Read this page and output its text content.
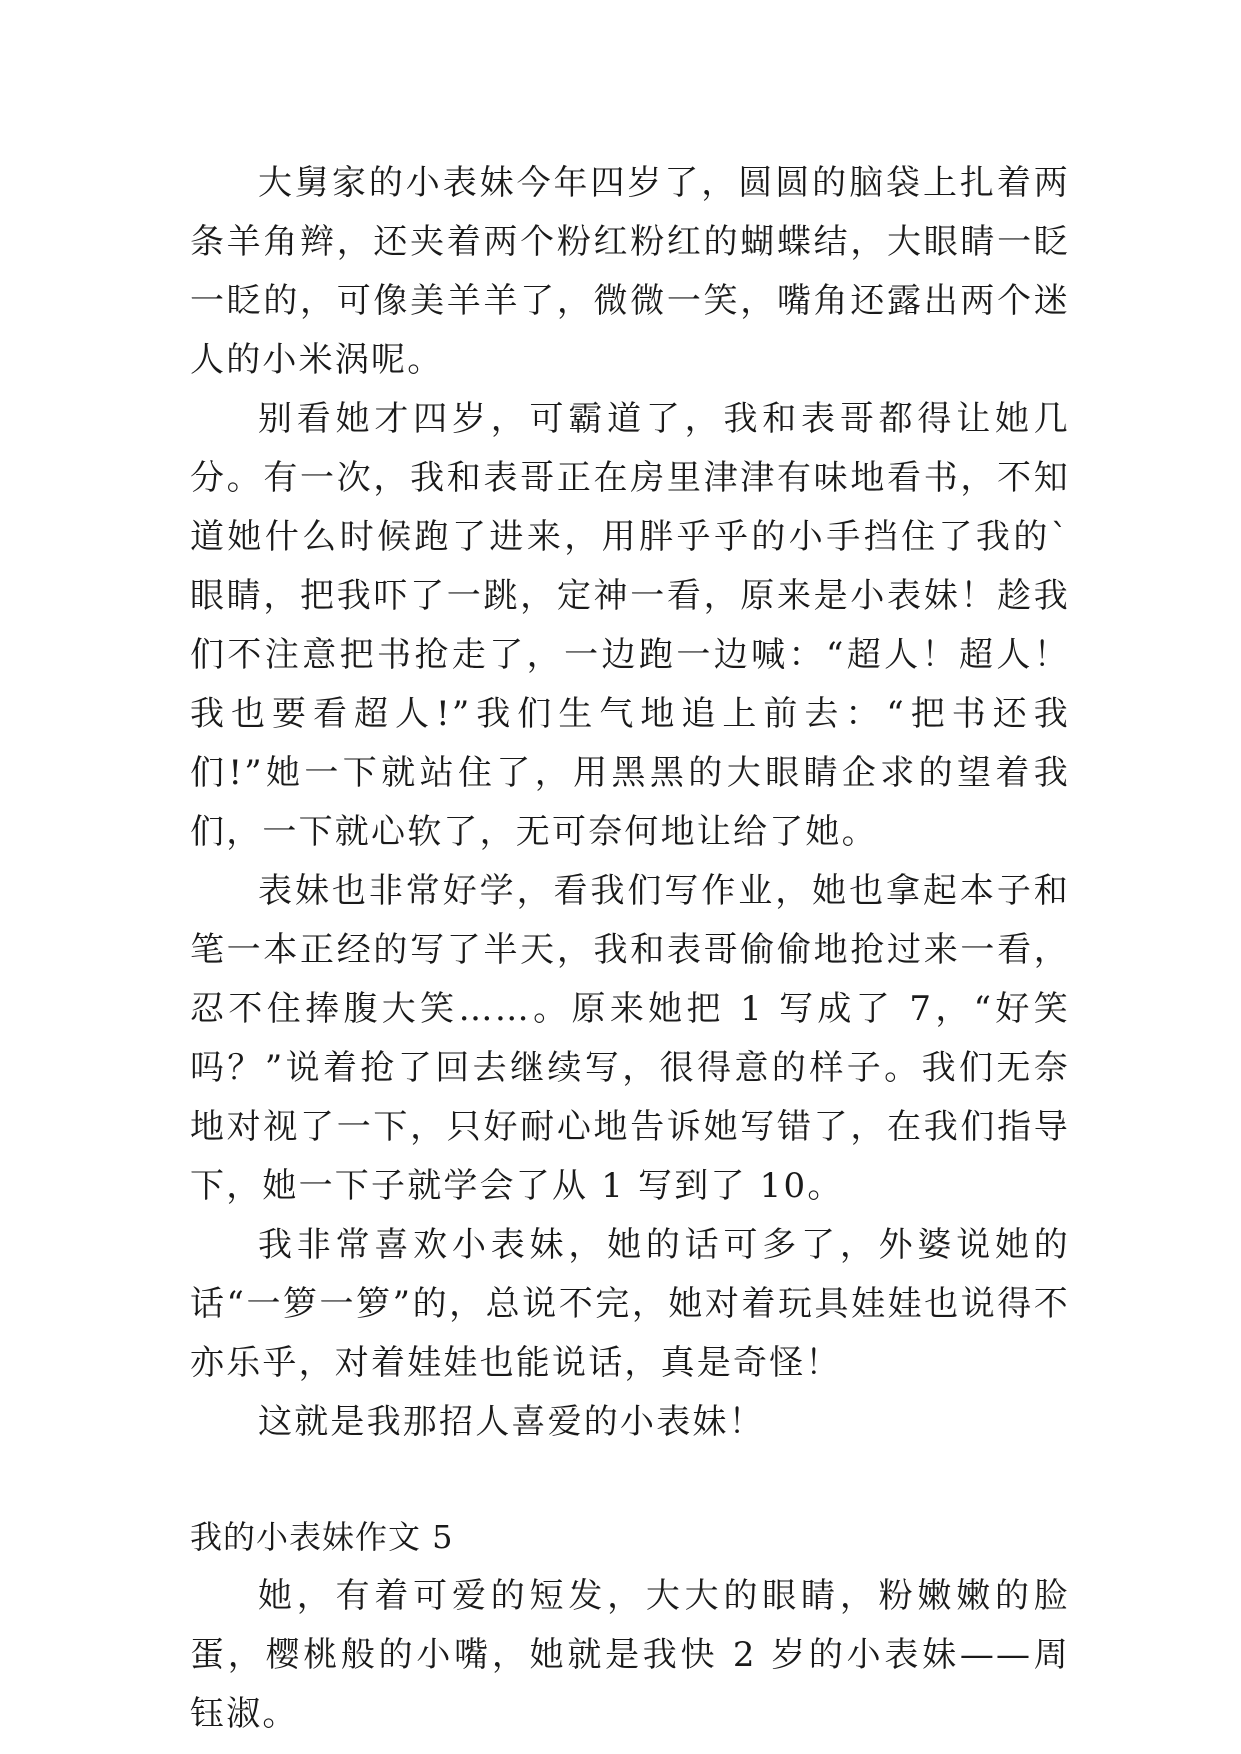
大舅家的小表妹今年四岁了，圆圆的脑袋上扎着两条羊角辫，还夹着两个粉红粉红的蝴蝶结，大眼睛一眨一眨的，可像美羊羊了，微微一笑，嘴角还露出两个迷人的小米涡呢。

别看她才四岁，可霸道了，我和表哥都得让她几分。有一次，我和表哥正在房里津津有味地看书，不知道她什么时候跑了进来，用胖乎乎的小手挡住了我的`眼睛，把我吓了一跳，定神一看，原来是小表妹！趁我们不注意把书抢走了，一边跑一边喊：“超人！超人！我也要看超人!”我们生气地追上前去：“把书还我们!”她一下就站住了，用黑黑的大眼睛企求的望着我们，一下就心软了，无可奈何地让给了她。

表妹也非常好学，看我们写作业，她也拿起本子和笔一本正经的写了半天，我和表哥偷偷地抢过来一看，忍不住捧腹大笑……。原来她把 1 写成了 7，“好笑吗？”说着抢了回去继续写，很得意的样子。我们无奈地对视了一下，只好耐心地告诉她写错了，在我们指导下，她一下子就学会了从 1 写到了 10。

我非常喜欢小表妹，她的话可多了，外婆说她的话“一箩一箩”的，总说不完，她对着玩具娃娃也说得不亦乐乎，对着娃娃也能说话，真是奇怪！

这就是我那招人喜爱的小表妹！

我的小表妹作文 5

她，有着可爱的短发，大大的眼睛，粉嫩嫩的脸蛋，樱桃般的小嘴，她就是我快 2 岁的小表妹——周钰淑。
